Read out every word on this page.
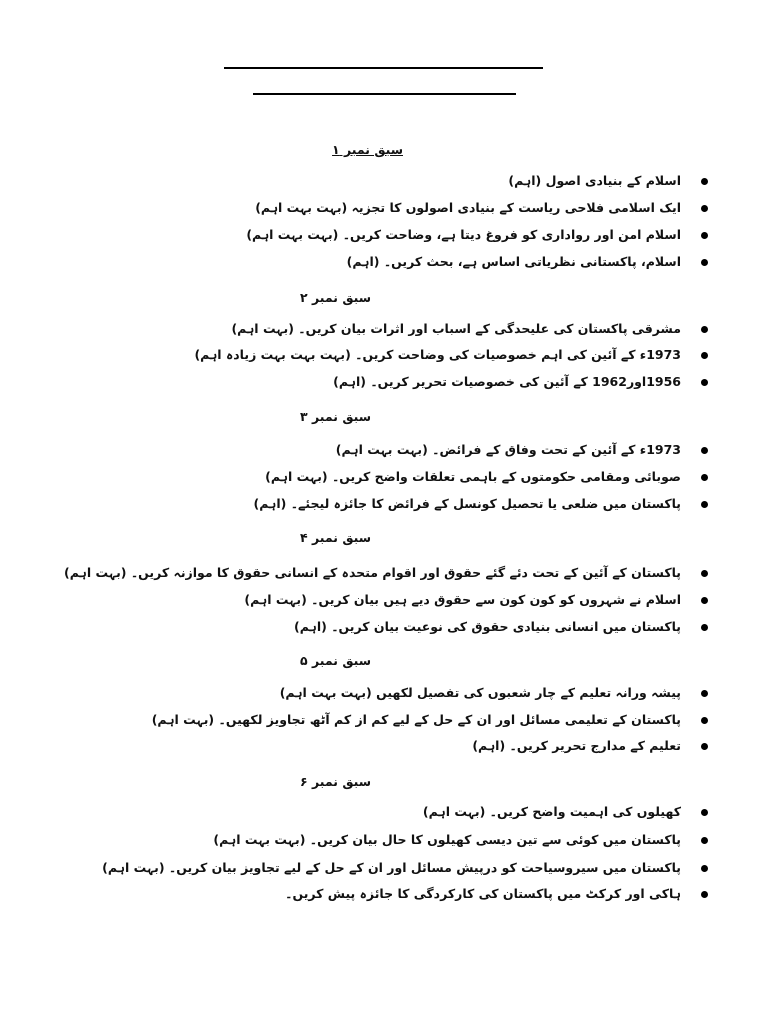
سبق نمبر ۱
اسلام کے بنیادی اصول (اہم)
ایک اسلامی فلاحی ریاست کے بنیادی اصولوں کا تجزیہ (بہت بہت اہم)
اسلام امن اور رواداری کو فروغ دیتا ہے، وضاحت کریں۔ (بہت بہت اہم)
اسلام، پاکستانی نظریاتی اساس ہے، بحث کریں۔ (اہم)
سبق نمبر ۲
مشرقی پاکستان کی علیحدگی کے اسباب اور اثرات بیان کریں۔ (بہت اہم)
1973ء کے آئین کی اہم خصوصیات کی وضاحت کریں۔ (بہت بہت بہت زیادہ اہم)
1956اور1962 کے آئین کی خصوصیات تحریر کریں۔ (اہم)
سبق نمبر ۳
1973ء کے آئین کے تحت وفاق کے فرائض۔ (بہت بہت اہم)
صوبائی ومقامی حکومتوں کے باہمی تعلقات واضح کریں۔ (بہت اہم)
پاکستان میں ضلعی یا تحصیل کونسل کے فرائض کا جائزہ لیجئے۔ (اہم)
سبق نمبر ۴
پاکستان کے آئین کے تحت دئے گئے حقوق اور اقوام متحدہ کے انسانی حقوق کا موازنہ کریں۔ (بہت اہم)
اسلام نے شہروں کو کون کون سے حقوق دیے ہیں بیان کریں۔ (بہت اہم)
پاکستان میں انسانی بنیادی حقوق کی نوعیت بیان کریں۔ (اہم)
سبق نمبر ۵
پیشہ ورانہ تعلیم کے چار شعبوں کی تفصیل لکھیں (بہت بہت اہم)
پاکستان کے تعلیمی مسائل اور ان کے حل کے لیے کم از کم آٹھ تجاویز لکھیں۔ (بہت اہم)
تعلیم کے مدارج تحریر کریں۔ (اہم)
سبق نمبر ۶
کھیلوں کی اہمیت واضح کریں۔ (بہت اہم)
پاکستان میں کوئی سے تین دیسی کھیلوں کا حال بیان کریں۔ (بہت بہت اہم)
پاکستان میں سیروسیاحت کو درپیش مسائل اور ان کے حل کے لیے تجاویز بیان کریں۔ (بہت اہم)
ہاکی اور کرکٹ میں پاکستان کی کارکردگی کا جائزہ پیش کریں۔
